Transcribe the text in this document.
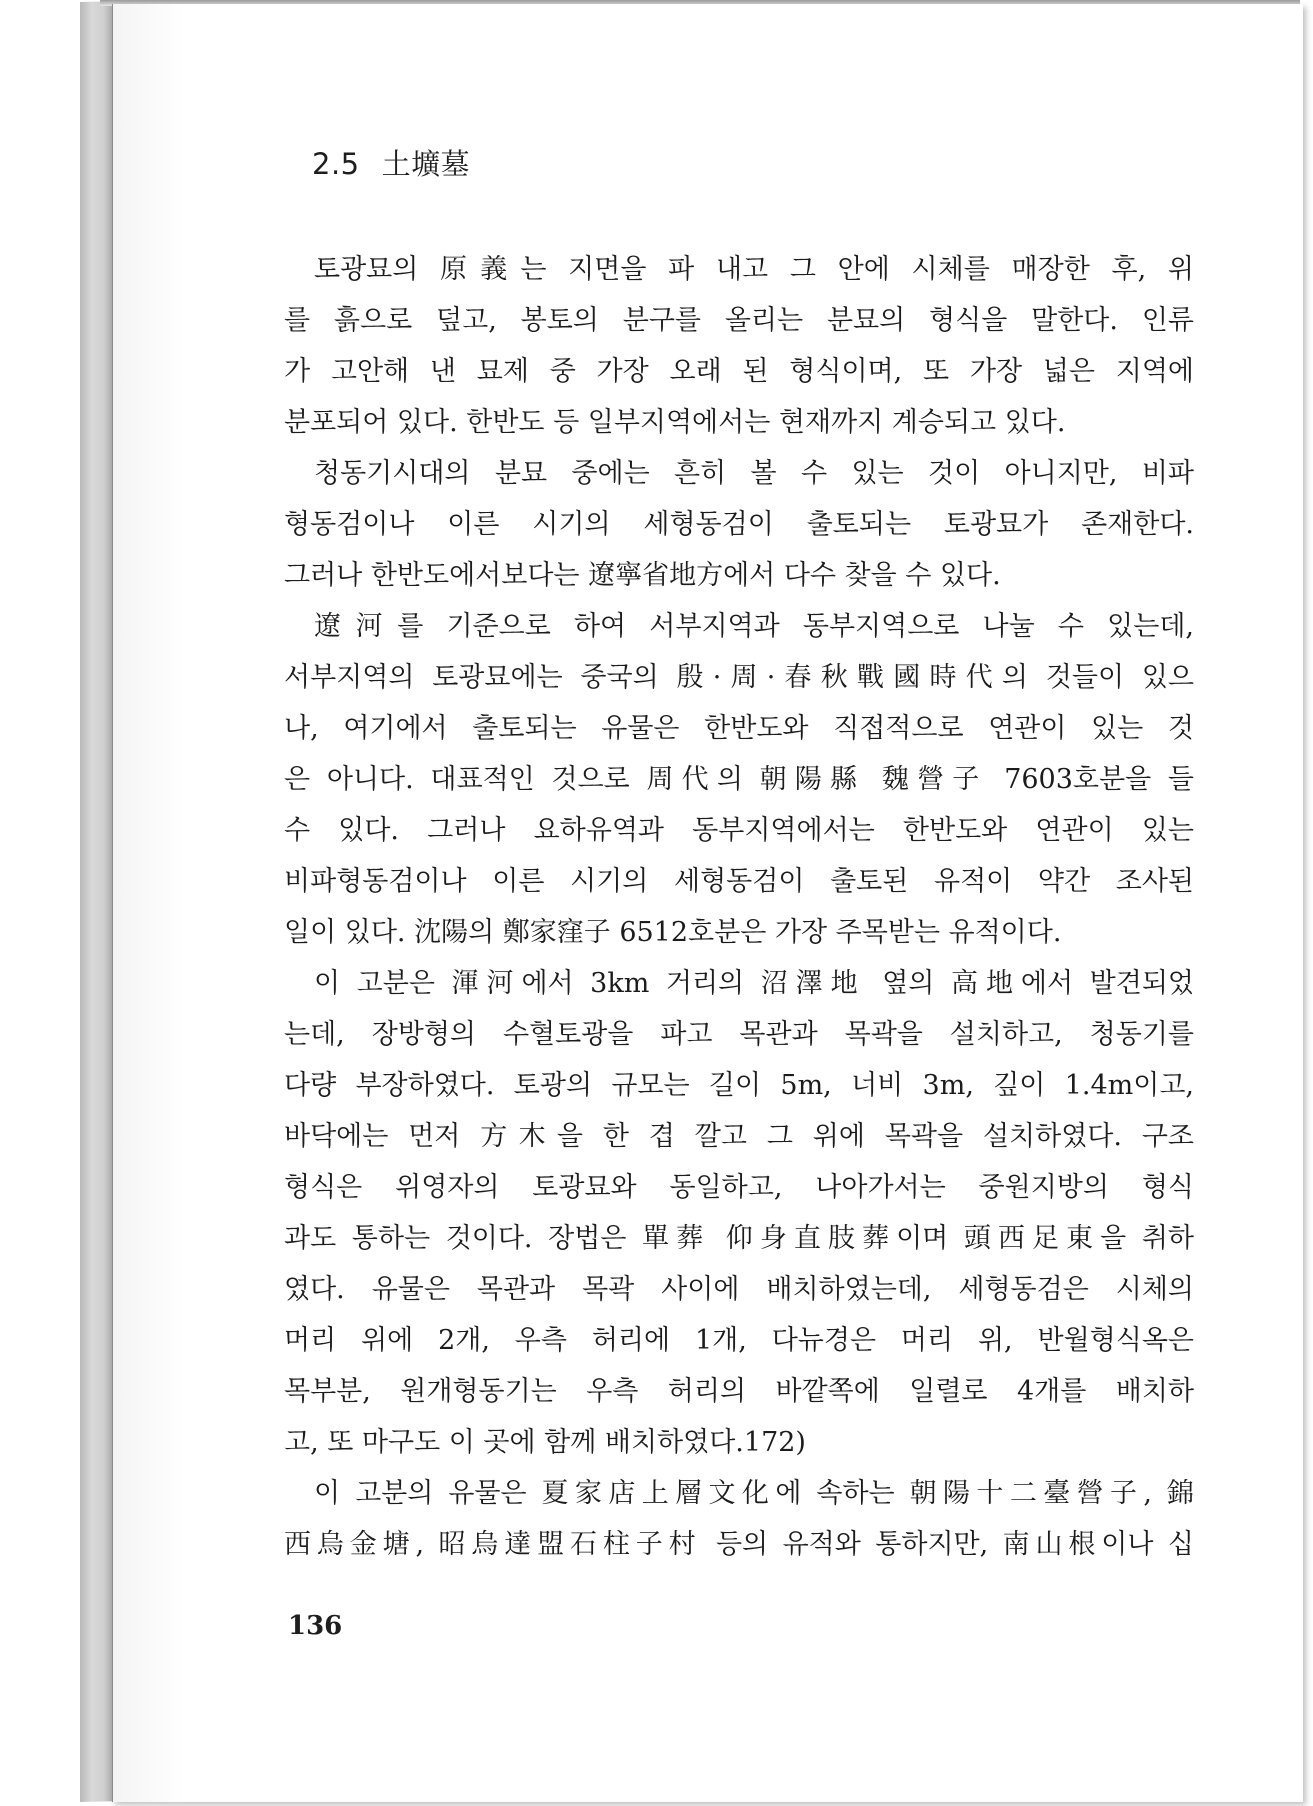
2.5 土壙墓
토광묘의 原義는 지면을 파 내고 그 안에 시체를 매장한 후, 위
를 흙으로 덮고, 봉토의 분구를 올리는 분묘의 형식을 말한다. 인류
가 고안해 낸 묘제 중 가장 오래 된 형식이며, 또 가장 넓은 지역에
분포되어 있다. 한반도 등 일부지역에서는 현재까지 계승되고 있다.
청동기시대의 분묘 중에는 흔히 볼 수 있는 것이 아니지만, 비파
형동검이나 이른 시기의 세형동검이 출토되는 토광묘가 존재한다.
그러나 한반도에서보다는 遼寧省地方에서 다수 찾을 수 있다.
遼河를 기준으로 하여 서부지역과 동부지역으로 나눌 수 있는데,
서부지역의 토광묘에는 중국의 殷·周·春秋戰國時代의 것들이 있으
나, 여기에서 출토되는 유물은 한반도와 직접적으로 연관이 있는 것
은 아니다. 대표적인 것으로 周代의 朝陽縣 魏營子 7603호분을 들
수 있다. 그러나 요하유역과 동부지역에서는 한반도와 연관이 있는
비파형동검이나 이른 시기의 세형동검이 출토된 유적이 약간 조사된
일이 있다. 沈陽의 鄭家窪子 6512호분은 가장 주목받는 유적이다.
이 고분은 渾河에서 3km 거리의 沼澤地 옆의 高地에서 발견되었
는데, 장방형의 수혈토광을 파고 목관과 목곽을 설치하고, 청동기를
다량 부장하였다. 토광의 규모는 길이 5m, 너비 3m, 깊이 1.4m이고,
바닥에는 먼저 方木을 한 겹 깔고 그 위에 목곽을 설치하였다. 구조
형식은 위영자의 토광묘와 동일하고, 나아가서는 중원지방의 형식
과도 통하는 것이다. 장법은 單葬 仰身直肢葬이며 頭西足東을 취하
였다. 유물은 목관과 목곽 사이에 배치하였는데, 세형동검은 시체의
머리 위에 2개, 우측 허리에 1개, 다뉴경은 머리 위, 반월형식옥은
목부분, 원개형동기는 우측 허리의 바깥쪽에 일렬로 4개를 배치하
고, 또 마구도 이 곳에 함께 배치하였다.172)
이 고분의 유물은 夏家店上層文化에 속하는 朝陽十二臺營子, 錦
西烏金塘, 昭烏達盟石柱子村 등의 유적와 통하지만, 南山根이나 십
136
